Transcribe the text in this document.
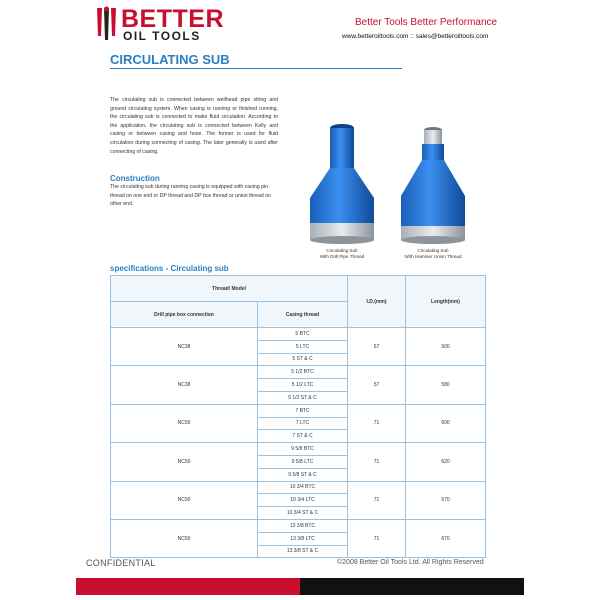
BETTER
OIL TOOLS
Better Tools Better Performance
www.betteroiltools.com :: sales@betteroiltools.com
CIRCULATING SUB
The circulating sub is connected between wellhead pipe string and ground circulating system. When casing is running or finished running, the circulating sub is connected to make fluid circulation. According to the application, the circulating sub is connected between Kelly and casing or between casing and hose. The former is used for fluid circulation during connecting of casing. The later generally is used after connecting of casing.
Construction
The circulating sub during running casing is equipped with casing pin thread on one end or DP thread and DP box thread or union thread on other end.
Circulating Sub
With Drill Pipe Thread
Circulating Sub
With Hammer Union Thread
specifications - Circulating sub
Thread/ Model		I.D.(mm)	Length(mm)
Drill pipe box connection	Casing thread		
NC38	5 BTC	57	500
	5 LTC		
	5 ST & C		
NC38	5 1/2 BTC	57	580
	5 1/2 LTC		
	5 1/2 ST & C		
NC50	7 BTC	71	600
	7 LTC		
	7 ST & C		
NC50	9 5/8 BTC	71	620
	9 5/8 LTC		
	9 5/8 ST & C		
NC50	10 3/4 BTC	71	670
	10 3/4 LTC		
	10 3/4 ST & C		
NC50	13 3/8 BTC	71	670
	13 3/8 LTC		
	13 3/8 ST & C		
CONFIDENTIAL	©2008 Better Oil Tools Ltd. All Rights Reserved
